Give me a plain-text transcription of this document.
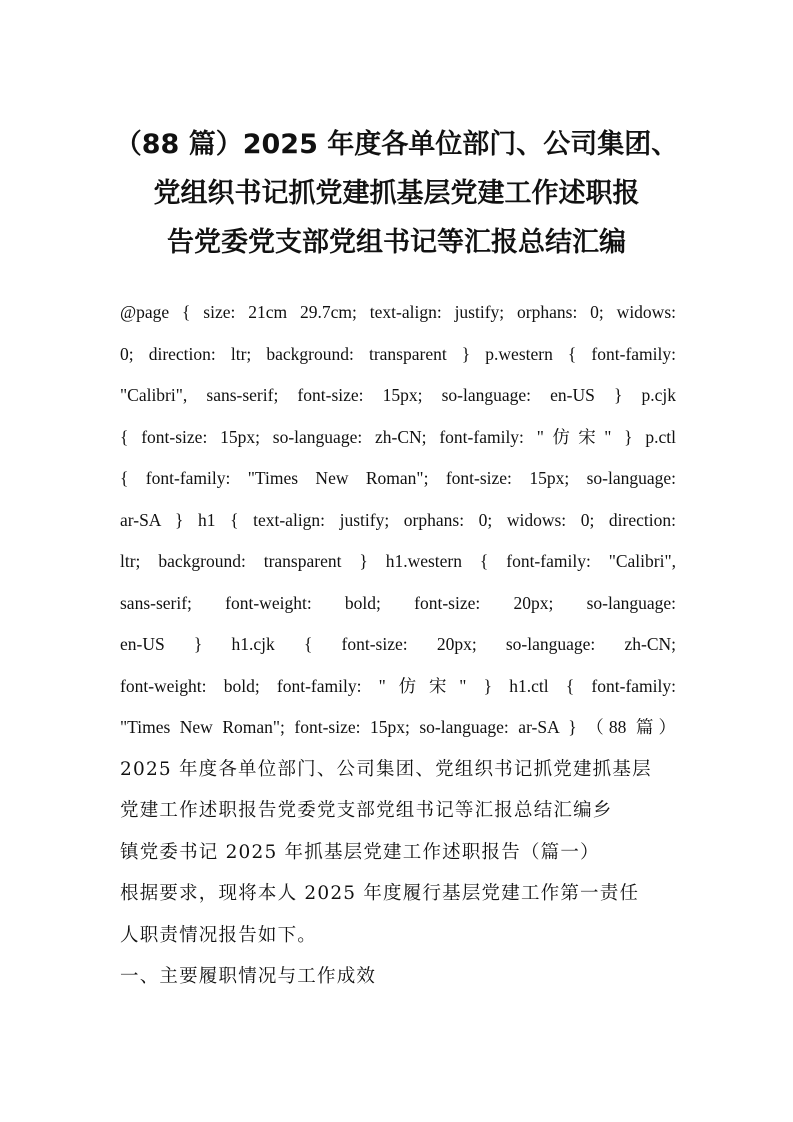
（88 篇）2025 年度各单位部门、公司集团、
党组织书记抓党建抓基层党建工作述职报
告党委党支部党组书记等汇报总结汇编
@page { size: 21cm 29.7cm; text-align: justify; orphans: 0; widows:
0; direction: ltr; background: transparent } p.western { font-family:
"Calibri", sans-serif; font-size: 15px; so-language: en-US } p.cjk
{ font-size: 15px; so-language: zh-CN; font-family: "仿宋" } p.ctl
{ font-family: "Times New Roman"; font-size: 15px; so-language:
ar-SA } h1 { text-align: justify; orphans: 0; widows: 0; direction:
ltr; background: transparent } h1.western { font-family: "Calibri",
sans-serif; font-weight: bold; font-size: 20px; so-language:
en-US } h1.cjk { font-size: 20px; so-language: zh-CN;
font-weight: bold; font-family: "仿宋" } h1.ctl { font-family:
"Times New Roman"; font-size: 15px; so-language: ar-SA } （88 篇）
2025 年度各单位部门、公司集团、党组织书记抓党建抓基层
党建工作述职报告党委党支部党组书记等汇报总结汇编乡
镇党委书记 2025 年抓基层党建工作述职报告（篇一）
根据要求，现将本人 2025 年度履行基层党建工作第一责任
人职责情况报告如下。
一、主要履职情况与工作成效
